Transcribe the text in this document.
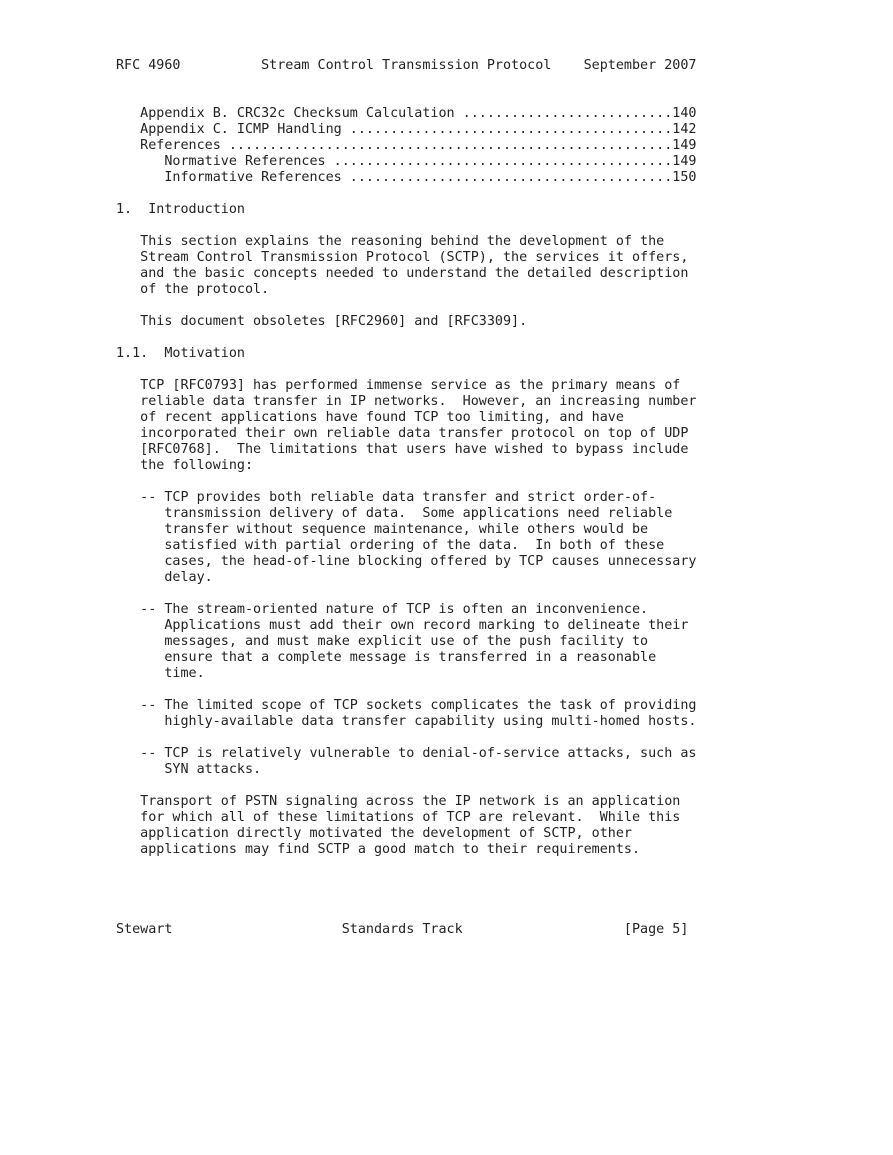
RFC 4960          Stream Control Transmission Protocol    September 2007
Appendix B. CRC32c Checksum Calculation ..........................140
Appendix C. ICMP Handling ........................................142
References .......................................................149
Normative References ..........................................149
Informative References ........................................150
1.  Introduction
This section explains the reasoning behind the development of the
Stream Control Transmission Protocol (SCTP), the services it offers,
and the basic concepts needed to understand the detailed description
of the protocol.
This document obsoletes [RFC2960] and [RFC3309].
1.1.  Motivation
TCP [RFC0793] has performed immense service as the primary means of
reliable data transfer in IP networks.  However, an increasing number
of recent applications have found TCP too limiting, and have
incorporated their own reliable data transfer protocol on top of UDP
[RFC0768].  The limitations that users have wished to bypass include
the following:
-- TCP provides both reliable data transfer and strict order-of-
transmission delivery of data.  Some applications need reliable
transfer without sequence maintenance, while others would be
satisfied with partial ordering of the data.  In both of these
cases, the head-of-line blocking offered by TCP causes unnecessary
delay.
-- The stream-oriented nature of TCP is often an inconvenience.
Applications must add their own record marking to delineate their
messages, and must make explicit use of the push facility to
ensure that a complete message is transferred in a reasonable
time.
-- The limited scope of TCP sockets complicates the task of providing
highly-available data transfer capability using multi-homed hosts.
-- TCP is relatively vulnerable to denial-of-service attacks, such as
SYN attacks.
Transport of PSTN signaling across the IP network is an application
for which all of these limitations of TCP are relevant.  While this
application directly motivated the development of SCTP, other
applications may find SCTP a good match to their requirements.
Stewart                     Standards Track                    [Page 5]
